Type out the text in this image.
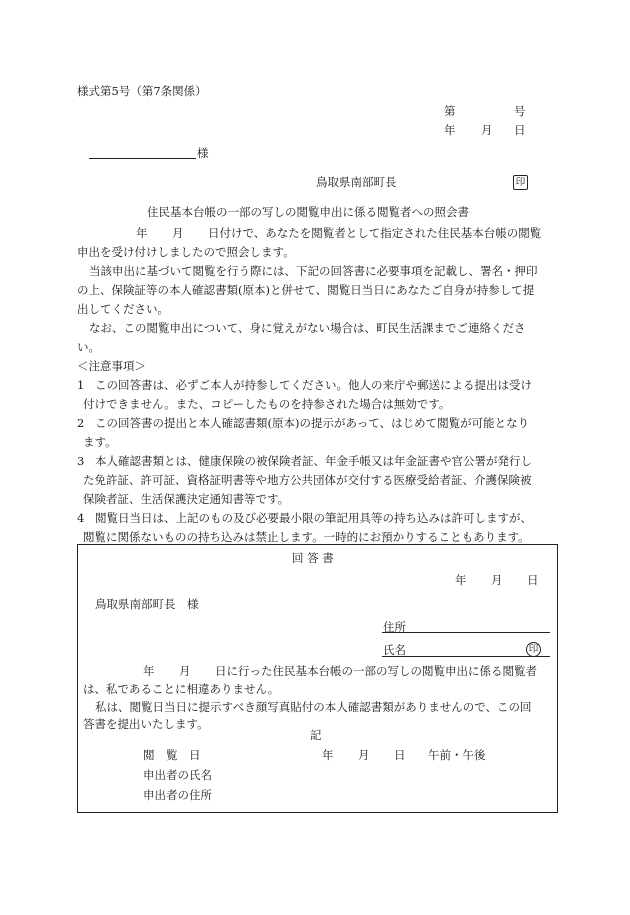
様式第5号（第7条関係）
第	号
年 月 日
様
鳥取県南部町長	印
住民基本台帳の一部の写しの閲覧申出に係る閲覧者への照会書
年 月 日付けで、あなたを閲覧者として指定された住民基本台帳の閲覧
申出を受け付けしましたので照会します。
当該申出に基づいて閲覧を行う際には、下記の回答書に必要事項を記載し、署名・押印
の上、保険証等の本人確認書類(原本)と併せて、閲覧日当日にあなたご自身が持参して提
出してください。
なお、この閲覧申出について、身に覚えがない場合は、町民生活課までご連絡くださ
い。
＜注意事項＞
1 この回答書は、必ずご本人が持参してください。他人の来庁や郵送による提出は受け
付けできません。また、コピーしたものを持参された場合は無効です。
2 この回答書の提出と本人確認書類(原本)の提示があって、はじめて閲覧が可能となり
ます。
3 本人確認書類とは、健康保険の被保険者証、年金手帳又は年金証書や官公署が発行し
た免許証、許可証、資格証明書等や地方公共団体が交付する医療受給者証、介護保険被
保険者証、生活保護決定通知書等です。
4 閲覧日当日は、上記のもの及び必要最小限の筆記用具等の持ち込みは許可しますが、
閲覧に関係ないものの持ち込みは禁止します。一時的にお預かりすることもあります。
回 答 書
年 月 日
鳥取県南部町長　様
住所
氏名	印
年 月 日に行った住民基本台帳の一部の写しの閲覧申出に係る閲覧者
は、私であることに相違ありません。
私は、閲覧日当日に提示すべき顔写真貼付の本人確認書類がありませんので、この回
答書を提出いたします。
記
閲　覧　日	年 月 日 午前・午後
申出者の氏名
申出者の住所
